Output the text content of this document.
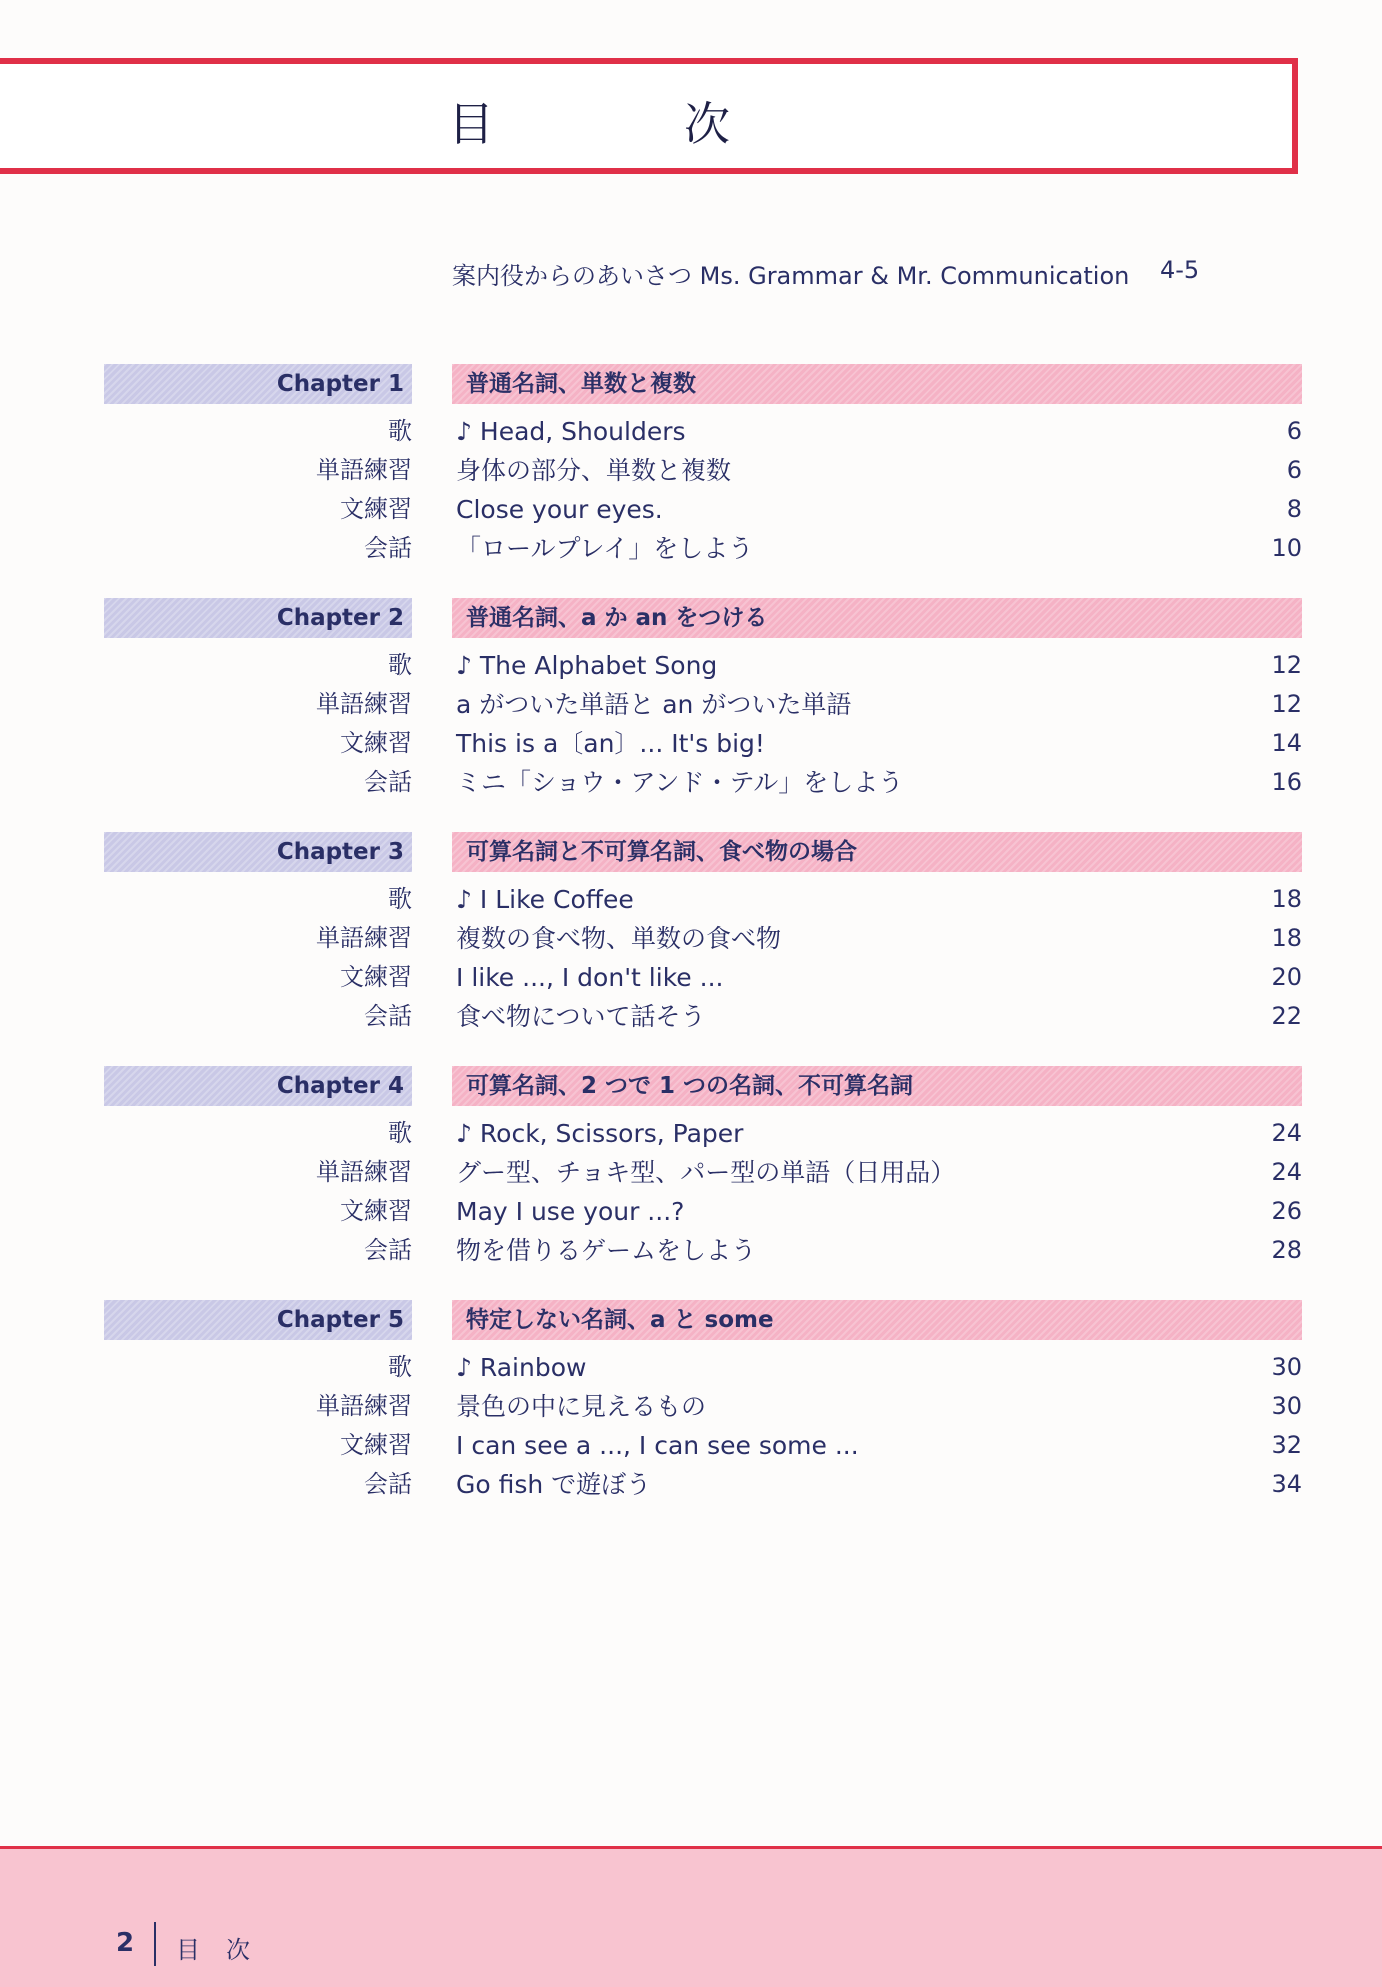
目　次
案内役からのあいさつ Ms. Grammar & Mr. Communication 4-5
Chapter 1	普通名詞、単数と複数
歌 ♪ Head, Shoulders	6
単語練習 身体の部分、単数と複数	6
文練習 Close your eyes.	8
会話 「ロールプレイ」をしよう	10
Chapter 2	普通名詞、a か an をつける
歌 ♪ The Alphabet Song	12
単語練習 a がついた単語と an がついた単語	12
文練習 This is a〔an〕... It's big!	14
会話 ミニ「ショウ・アンド・テル」をしよう	16
Chapter 3	可算名詞と不可算名詞、食べ物の場合
歌 ♪ I Like Coffee	18
単語練習 複数の食べ物、単数の食べ物	18
文練習 I like ..., I don't like ...	20
会話 食べ物について話そう	22
Chapter 4	可算名詞、2 つで 1 つの名詞、不可算名詞
歌 ♪ Rock, Scissors, Paper	24
単語練習 グー型、チョキ型、パー型の単語（日用品）	24
文練習 May I use your ...?	26
会話 物を借りるゲームをしよう	28
Chapter 5	特定しない名詞、a と some
歌 ♪ Rainbow	30
単語練習 景色の中に見えるもの	30
文練習 I can see a ..., I can see some ...	32
会話 Go fish で遊ぼう	34
2 目次
